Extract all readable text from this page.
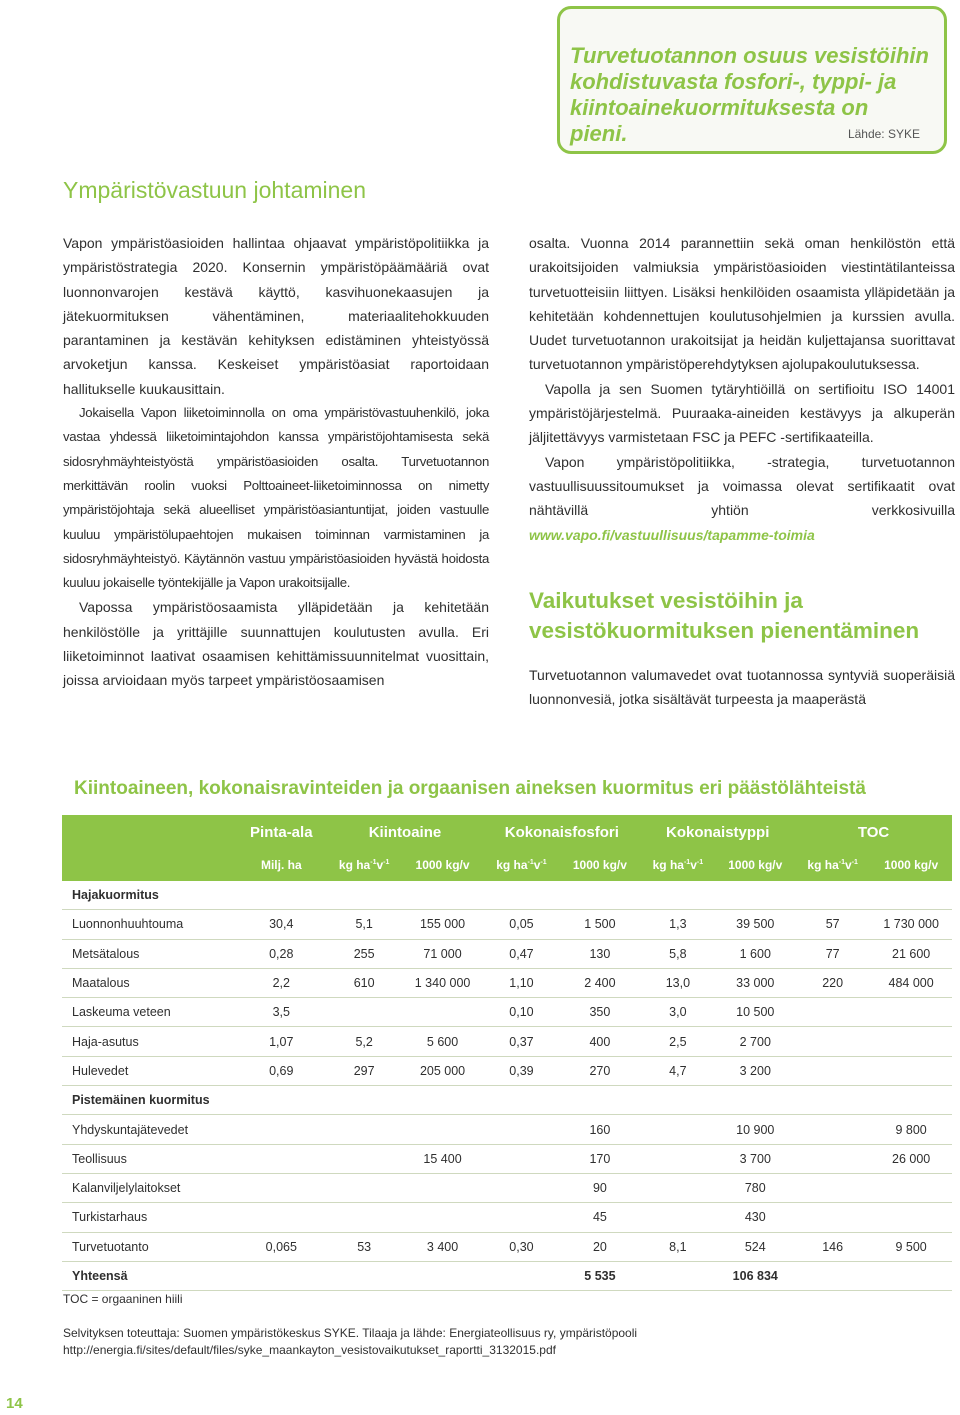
Turvetuotannon osuus vesistöihin kohdistuvasta fosfori-, typpi- ja kiintoainekuormituksesta on pieni.	Lähde: SYKE
Ympäristövastuun johtaminen

Vapon ympäristöasioiden hallintaa ohjaavat ympäristöpolitiikka ja ympäristöstrategia 2020. Konsernin ympäristöpäämääriä ovat luonnonvarojen kestävä käyttö, kasvihuonekaasujen ja jätekuormituksen vähentäminen, materiaalitehokkuuden parantaminen ja kestävän kehityksen edistäminen yhteistyössä arvoketjun kanssa. Keskeiset ympäristöasiat raportoidaan hallitukselle kuukausittain.

Jokaisella Vapon liiketoiminnolla on oma ympäristövastuuhenkilö, joka vastaa yhdessä liiketoimintajohdon kanssa ympäristöjohtamisesta sekä sidosryhmäyhteistyöstä ympäristöasioiden osalta. Turvetuotannon merkittävän roolin vuoksi Polttoaineet-liiketoiminnossa on nimetty ympäristöjohtaja sekä alueelliset ympäristöasiantuntijat, joiden vastuulle kuuluu ympäristölupaehtojen mukaisen toiminnan varmistaminen ja sidosryhmäyhteistyö. Käytännön vastuu ympäristöasioiden hyvästä hoidosta kuuluu jokaiselle työntekijälle ja Vapon urakoitsijalle.

Vapossa ympäristöosaamista ylläpidetään ja kehitetään henkilöstölle ja yrittäjille suunnattujen koulutusten avulla. Eri liiketoiminnot laativat osaamisen kehittämissuunnitelmat vuosittain, joissa arvioidaan myös tarpeet ympäristöosaamisen

osalta. Vuonna 2014 parannettiin sekä oman henkilöstön että urakoitsijoiden valmiuksia ympäristöasioiden viestintätilanteissa turvetuotteisiin liittyen. Lisäksi henkilöiden osaamista ylläpidetään ja kehitetään kohdennettujen koulutusohjelmien ja kurssien avulla. Uudet turvetuotannon urakoitsijat ja heidän kuljettajansa suorittavat turvetuotannon ympäristöperehdytyksen ajolupakoulutuksessa.

Vapolla ja sen Suomen tytäryhtiöillä on sertifioitu ISO 14001 ympäristöjärjestelmä. Puuraaka-aineiden kestävyys ja alkuperän jäljitettävyys varmistetaan FSC ja PEFC -sertifikaateilla.

Vapon ympäristöpolitiikka, -strategia, turvetuotannon vastuullisuussitoumukset ja voimassa olevat sertifikaatit ovat nähtävillä yhtiön verkkosivuilla www.vapo.fi/vastuullisuus/tapamme-toimia

Vaikutukset vesistöihin ja vesistökuormituksen pienentäminen

Turvetuotannon valumavedet ovat tuotannossa syntyviä suoperäisiä luonnonvesiä, jotka sisältävät turpeesta ja maaperästä

Kiintoaineen, kokonaisravinteiden ja orgaanisen aineksen kuormitus eri päästölähteistä
	Pinta-ala	Kiintoaine		Kokonaisfosfori		Kokonaistyppi		TOC	
	Milj. ha	kg $ha^{-1}v^{-1}$	1000 kg/v	kg $ha^{-1}v^{-1}$	1000 kg/v	kg $ha^{-1}v^{-1}$	1000 kg/v	kg $ha^{-1}v^{-1}$	1000 kg/v
Hajakuormitus									
Luonnonhuuhtouma	30,4	5,1	155 000	0,05	1 500	1,3	39 500	57	1 730 000
Metsätalous	0,28	255	71 000	0,47	130	5,8	1 600	77	21 600
Maatalous	2,2	610	1 340 000	1,10	2 400	13,0	33 000	220	484 000
Laskeuma veteen	3,5			0,10	350	3,0	10 500		
Haja-asutus	1,07	5,2	5 600	0,37	400	2,5	2 700		
Hulevedet	0,69	297	205 000	0,39	270	4,7	3 200		
Pistemäinen kuormitus									
Yhdyskuntajätevedet					160		10 900		9 800
Teollisuus			15 400		170		3 700		26 000
Kalanviljelylaitokset					90		780		
Turkistarhaus					45		430		
Turvetuotanto	0,065	53	3 400	0,30	20	8,1	524	146	9 500
Yhteensä					5 535		106 834		

TOC = orgaaninen hiili

Selvityksen toteuttaja: Suomen ympäristökeskus SYKE. Tilaaja ja lähde: Energiateollisuus ry, ympäristöpooli

http://energia.fi/sites/default/files/syke_maankayton_vesistovaikutukset_raportti_3132015.pdf

14
